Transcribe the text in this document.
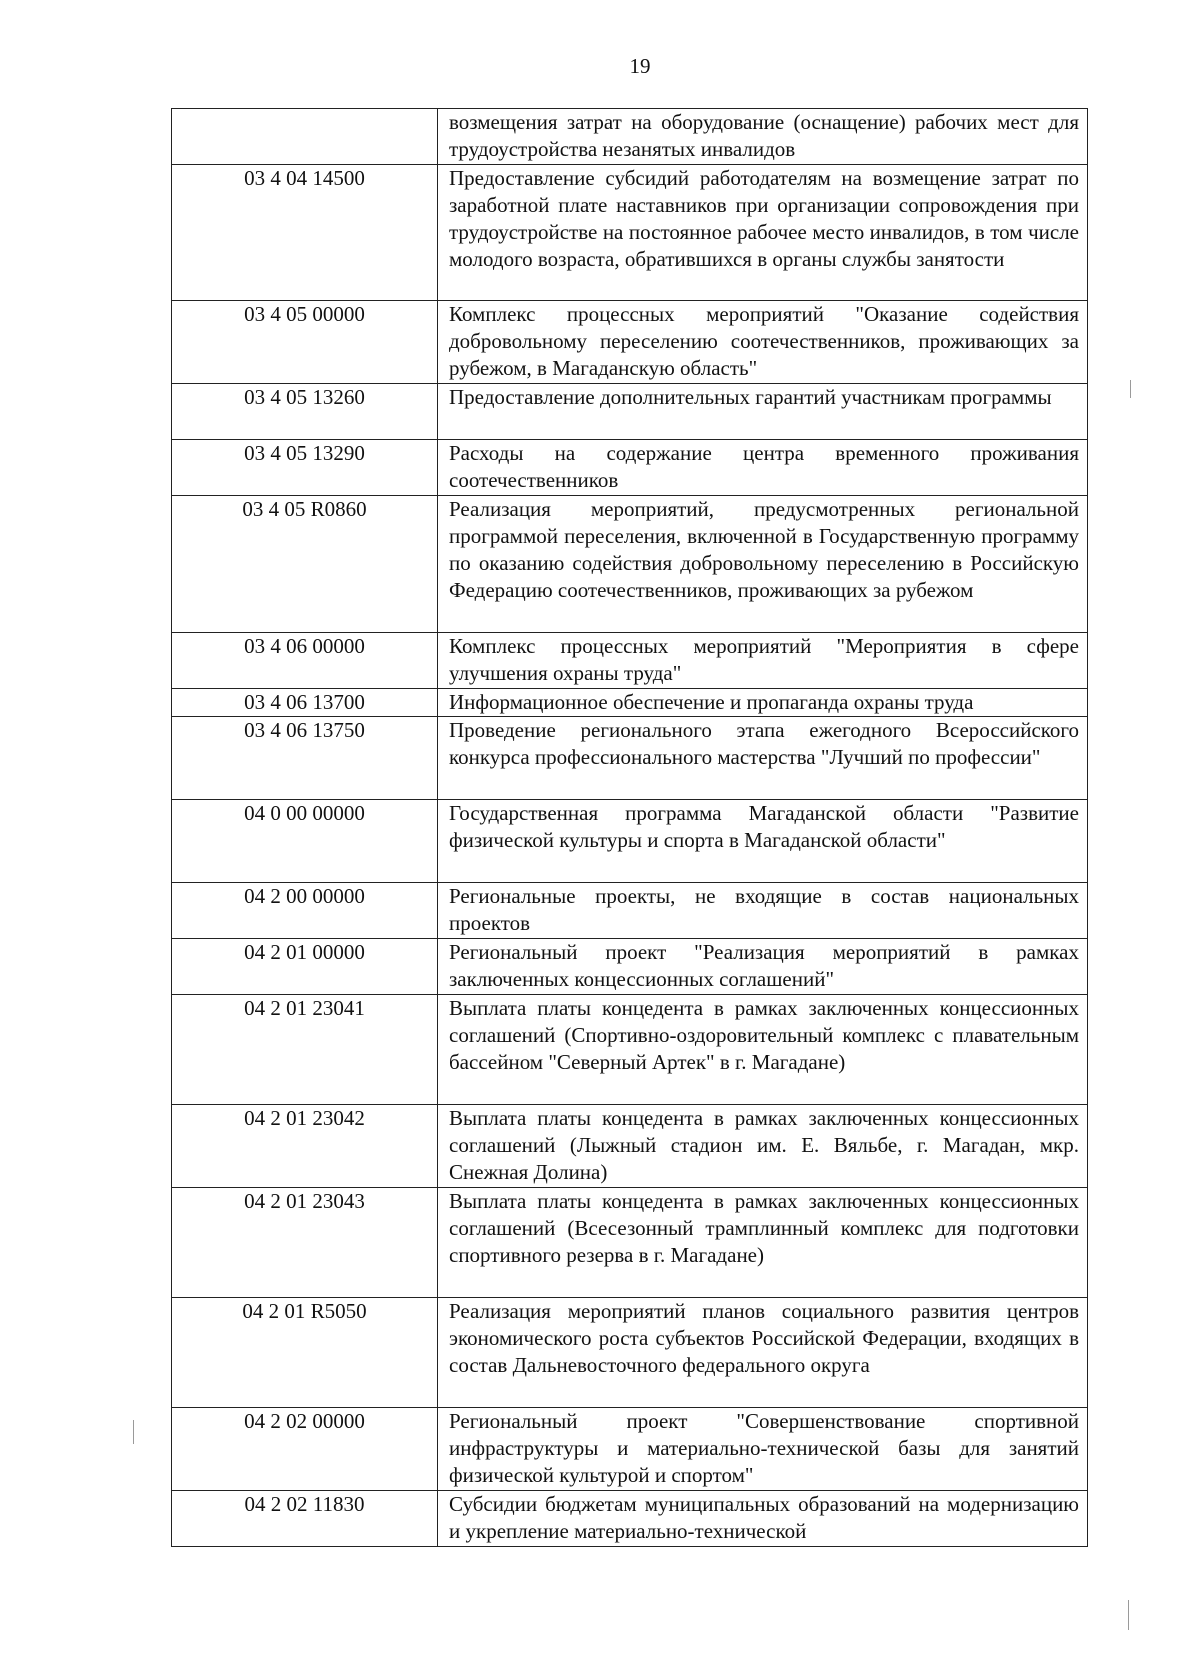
19
	возмещения затрат на оборудование (оснащение) рабочих мест для трудоустройства незанятых инвалидов
03 4 04 14500	Предоставление субсидий работодателям на возмещение затрат по заработной плате наставников при организации сопровождения при трудоустройстве на постоянное рабочее место инвалидов, в том числе молодого возраста, обратившихся в органы службы занятости
03 4 05 00000	Комплекс процессных мероприятий "Оказание содействия добровольному переселению соотечественников, проживающих за рубежом, в Магаданскую область"
03 4 05 13260	Предоставление дополнительных гарантий участникам программы
03 4 05 13290	Расходы на содержание центра временного проживания соотечественников
03 4 05 R0860	Реализация мероприятий, предусмотренных региональной программой переселения, включенной в Государственную программу по оказанию содействия добровольному переселению в Российскую Федерацию соотечественников, проживающих за рубежом
03 4 06 00000	Комплекс процессных мероприятий "Мероприятия в сфере улучшения охраны труда"
03 4 06 13700	Информационное обеспечение и пропаганда охраны труда
03 4 06 13750	Проведение регионального этапа ежегодного Всероссийского конкурса профессионального мастерства "Лучший по профессии"
04 0 00 00000	Государственная программа Магаданской области "Развитие физической культуры и спорта в Магаданской области"
04 2 00 00000	Региональные проекты, не входящие в состав национальных проектов
04 2 01 00000	Региональный проект "Реализация мероприятий в рамках заключенных концессионных соглашений"
04 2 01 23041	Выплата платы концедента в рамках заключенных концессионных соглашений (Спортивно-оздоровительный комплекс с плавательным бассейном "Северный Артек" в г. Магадане)
04 2 01 23042	Выплата платы концедента в рамках заключенных концессионных соглашений (Лыжный стадион им. Е. Вяльбе, г. Магадан, мкр. Снежная Долина)
04 2 01 23043	Выплата платы концедента в рамках заключенных концессионных соглашений (Всесезонный трамплинный комплекс для подготовки спортивного резерва в г. Магадане)
04 2 01 R5050	Реализация мероприятий планов социального развития центров экономического роста субъектов Российской Федерации, входящих в состав Дальневосточного федерального округа
04 2 02 00000	Региональный проект "Совершенствование спортивной инфраструктуры и материально-технической базы для занятий физической культурой и спортом"
04 2 02 11830	Субсидии бюджетам муниципальных образований на модернизацию и укрепление материально-технической
